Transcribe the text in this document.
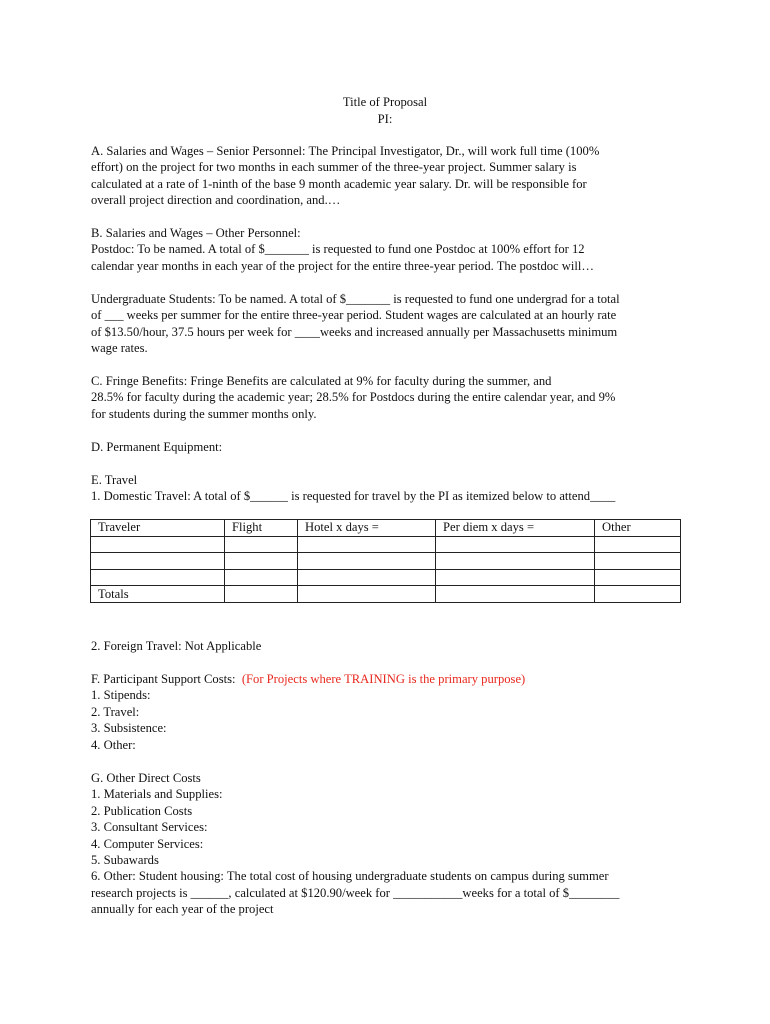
Title of Proposal

PI:

A. Salaries and Wages – Senior Personnel: The Principal Investigator, Dr., will work full time (100%

effort) on the project for two months in each summer of the three-year project. Summer salary is

calculated at a rate of 1-ninth of the base 9 month academic year salary. Dr. will be responsible for

overall project direction and coordination, and.…

B. Salaries and Wages – Other Personnel:

Postdoc: To be named. A total of $_______ is requested to fund one Postdoc at 100% effort for 12

calendar year months in each year of the project for the entire three-year period. The postdoc will…

Undergraduate Students: To be named. A total of $_______ is requested to fund one undergrad for a total

of ___ weeks per summer for the entire three-year period. Student wages are calculated at an hourly rate

of $13.50/hour, 37.5 hours per week for ____weeks and increased annually per Massachusetts minimum

wage rates.

C. Fringe Benefits: Fringe Benefits are calculated at 9% for faculty during the summer, and

28.5% for faculty during the academic year; 28.5% for Postdocs during the entire calendar year, and 9%

for students during the summer months only.

D. Permanent Equipment:

E. Travel

1. Domestic Travel: A total of $______ is requested for travel by the PI as itemized below to attend____

Traveler	Flight	Hotel x days =	Per diem x days =	Other

Totals				

2. Foreign Travel: Not Applicable

F. Participant Support Costs: (For Projects where TRAINING is the primary purpose)

1. Stipends:

2. Travel:

3. Subsistence:

4. Other:

G. Other Direct Costs

1. Materials and Supplies:

2. Publication Costs

3. Consultant Services:

4. Computer Services:

5. Subawards

6. Other: Student housing: The total cost of housing undergraduate students on campus during summer

research projects is ______, calculated at $120.90/week for ___________weeks for a total of $________

annually for each year of the project
